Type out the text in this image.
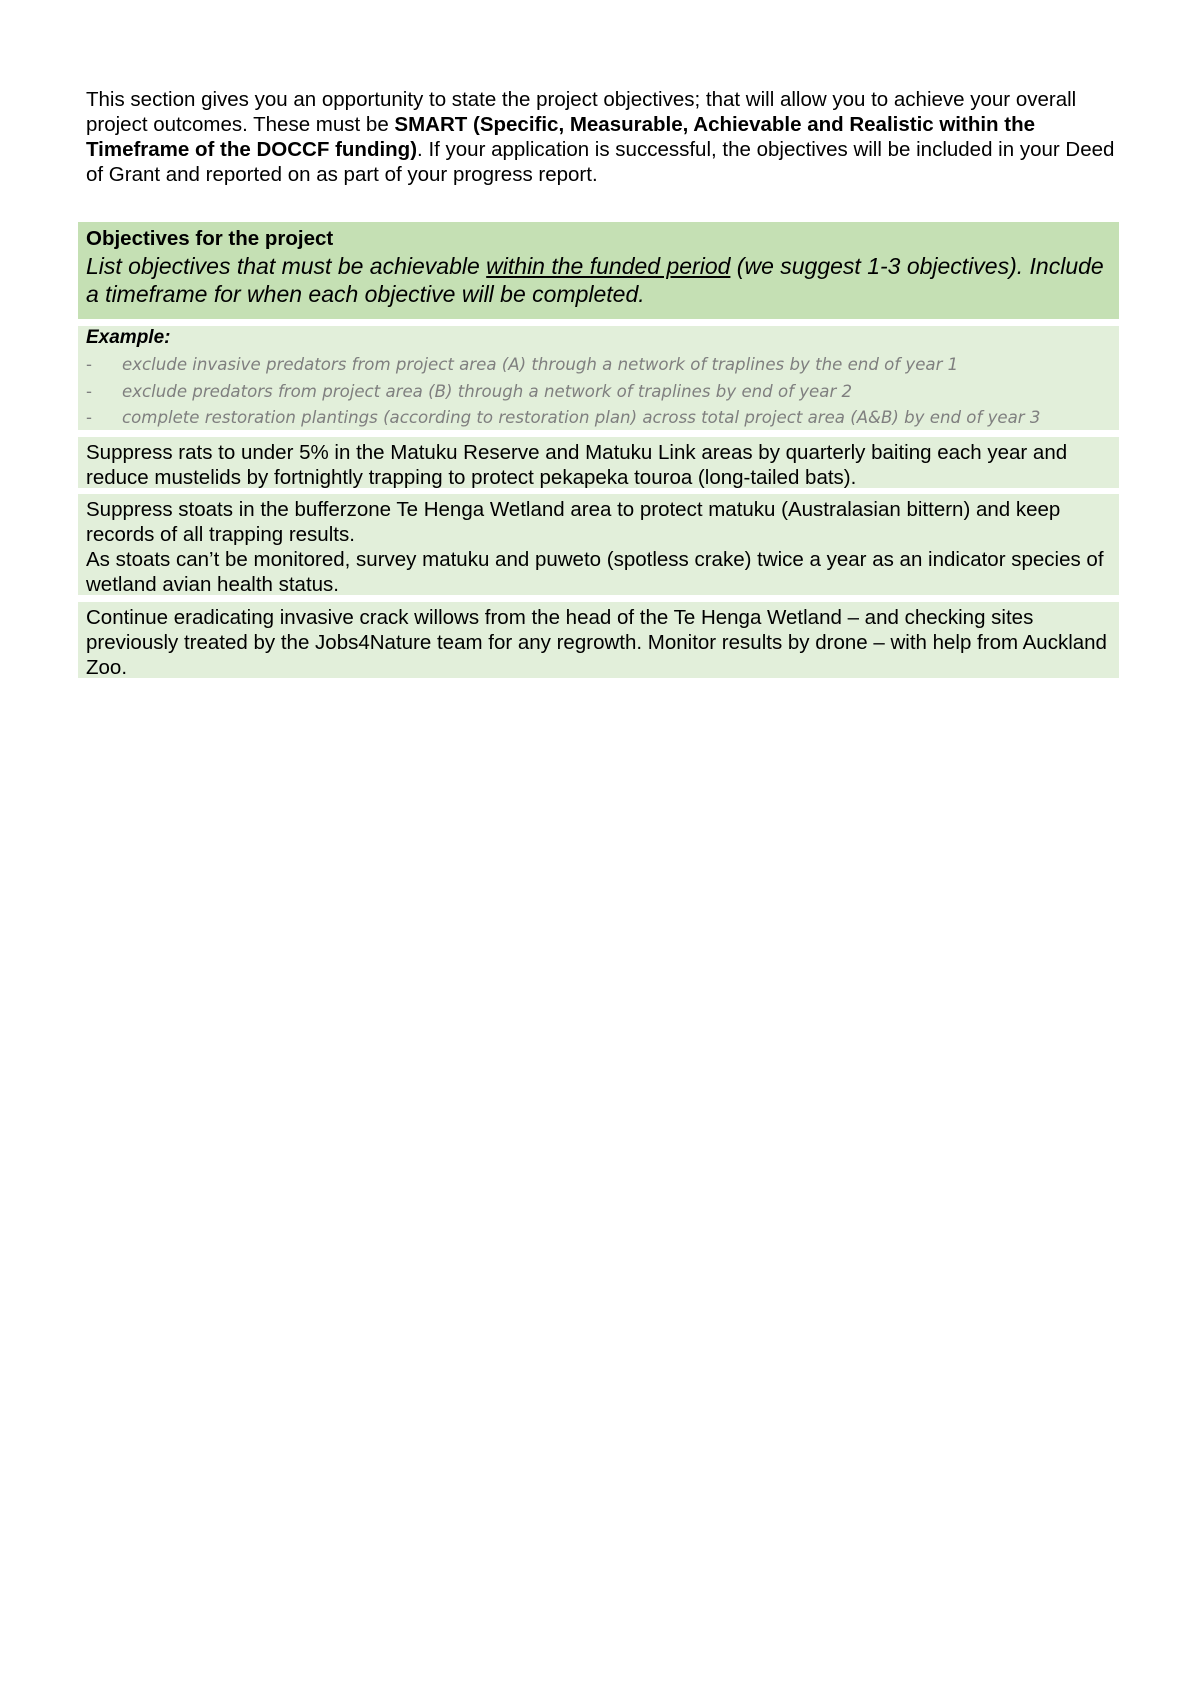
This section gives you an opportunity to state the project objectives; that will allow you to achieve your overall project outcomes. These must be SMART (Specific, Measurable, Achievable and Realistic within the Timeframe of the DOCCF funding). If your application is successful, the objectives will be included in your Deed of Grant and reported on as part of your progress report.

Objectives for the project
List objectives that must be achievable within the funded period (we suggest 1-3 objectives). Include a timeframe for when each objective will be completed.
Example:
-	exclude invasive predators from project area (A) through a network of traplines by the end of year 1
-	exclude predators from project area (B) through a network of traplines by end of year 2
-	complete restoration plantings (according to restoration plan) across total project area (A&B) by end of year 3

Suppress rats to under 5% in the Matuku Reserve and Matuku Link areas by quarterly baiting each year and reduce mustelids by fortnightly trapping to protect pekapeka touroa (long-tailed bats).

Suppress stoats in the bufferzone Te Henga Wetland area to protect matuku (Australasian bittern) and keep records of all trapping results.

As stoats can’t be monitored, survey matuku and puweto (spotless crake) twice a year as an indicator species of wetland avian health status.

Continue eradicating invasive crack willows from the head of the Te Henga Wetland – and checking sites previously treated by the Jobs4Nature team for any regrowth. Monitor results by drone – with help from Auckland Zoo.
